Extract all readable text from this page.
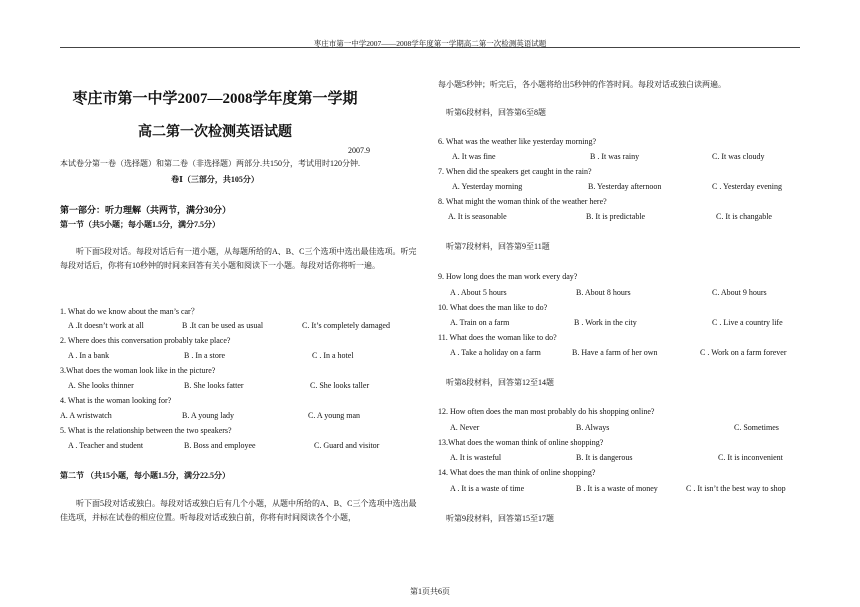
枣庄市第一中学2007——2008学年度第一学期高二第一次检测英语试题
枣庄市第一中学2007—2008学年度第一学期
高二第一次检测英语试题
2007.9
本试卷分第一卷（选择题）和第二卷（非选择题）两部分.共150分，考试用时120分钟.
卷Ⅰ（三部分，共105分）
第一部分：听力理解（共两节，满分30分）
第一节（共5小题；每小题1.5分，满分7.5分）
听下面5段对话。每段对话后有一道小题，从每题所给的A、B、C三个选项中选出最佳选项。听完每段对话后，你将有10秒钟的时间来回答有关小题和阅读下一小题。每段对话你将听一遍。
1. What do we know about the man’s car？
A .It doesn’t work at all	B .It can be used as usual	C. It’s completely damaged
2. Where does this conversation probably take place?
A . In a bank	B . In a store	C . In a hotel
3.What does the woman look like in the picture?
A. She looks thinner	B. She looks fatter	C. She looks taller
4. What is the woman looking for?
A. A wristwatch	B. A young lady	C. A young man
5. What is the relationship between the two speakers?
A . Teacher and student	B. Boss and employee	C. Guard and visitor
第二节 （共15小题，每小题1.5分，满分22.5分）
听下面5段对话或独白。每段对话或独白后有几个小题，从题中所给的A、B、C三个选项中选出最佳选项，并标在试卷的相应位置。听每段对话或独白前，你将有时间阅读各个小题，
每小题5秒钟；听完后，各小题将给出5秒钟的作答时间。每段对话或独白读两遍。
听第6段材料，回答第6至8题
6. What was the weather like yesterday morning?
A. It was fine	B . It was rainy	C. It was cloudy
7. When did the speakers get caught in the rain?
A. Yesterday morning	B. Yesterday afternoon	C . Yesterday evening
8. What might the woman think of the weather here?
A. It is seasonable	B. It is predictable	C. It is changable
听第7段材料，回答第9至11题
9. How long does the man work every day?
A . About 5 hours	B. About 8 hours	C. About 9 hours
10. What does the man like to do?
A. Train on a farm	B . Work in the city	C . Live a country life
11. What does the woman like to do?
A . Take a holiday on a farm	B. Have a farm of her own	C . Work on a farm forever
听第8段材料，回答第12至14题
12. How often does the man most probably do his shopping online?
A. Never	B. Always	C. Sometimes
13.What does the woman think of online shopping?
A. It is wasteful	B. It is dangerous	C. It is inconvenient
14. What does the man think of online shopping?
A . It is a waste of time	B . It is a waste of money	C . It isn’t the best way to shop
听第9段材料，回答第15至17题
第1页共6页
